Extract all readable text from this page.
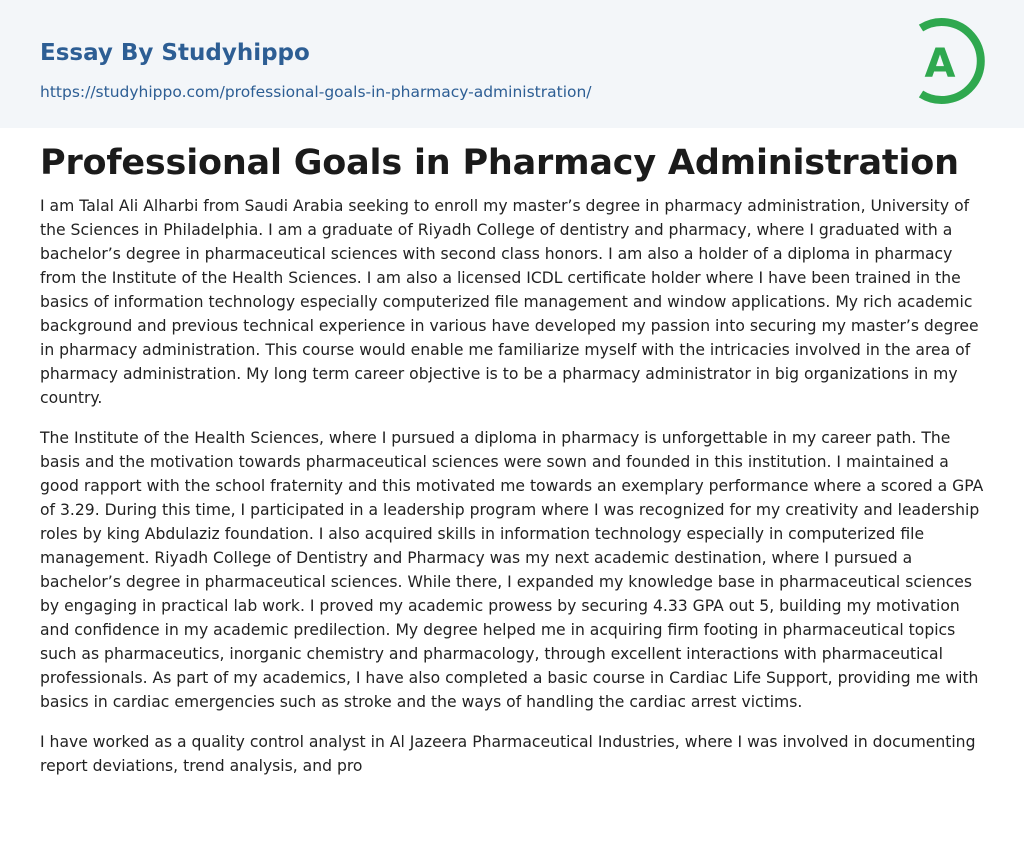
Essay By Studyhippo
https://studyhippo.com/professional-goals-in-pharmacy-administration/
A
Professional Goals in Pharmacy Administration

I am Talal Ali Alharbi from Saudi Arabia seeking to enroll my master’s degree in pharmacy administration, University of the Sciences in Philadelphia. I am a graduate of Riyadh College of dentistry and pharmacy, where I graduated with a bachelor’s degree in pharmaceutical sciences with second class honors. I am also a holder of a diploma in pharmacy from the Institute of the Health Sciences. I am also a licensed ICDL certificate holder where I have been trained in the basics of information technology especially computerized file management and window applications. My rich academic background and previous technical experience in various have developed my passion into securing my master’s degree in pharmacy administration. This course would enable me familiarize myself with the intricacies involved in the area of pharmacy administration. My long term career objective is to be a pharmacy administrator in big organizations in my country.

The Institute of the Health Sciences, where I pursued a diploma in pharmacy is unforgettable in my career path. The basis and the motivation towards pharmaceutical sciences were sown and founded in this institution. I maintained a good rapport with the school fraternity and this motivated me towards an exemplary performance where a scored a GPA of 3.29. During this time, I participated in a leadership program where I was recognized for my creativity and leadership roles by king Abdulaziz foundation. I also acquired skills in information technology especially in computerized file management. Riyadh College of Dentistry and Pharmacy was my next academic destination, where I pursued a bachelor’s degree in pharmaceutical sciences. While there, I expanded my knowledge base in pharmaceutical sciences by engaging in practical lab work. I proved my academic prowess by securing 4.33 GPA out 5, building my motivation and confidence in my academic predilection. My degree helped me in acquiring firm footing in pharmaceutical topics such as pharmaceutics, inorganic chemistry and pharmacology, through excellent interactions with pharmaceutical professionals. As part of my academics, I have also completed a basic course in Cardiac Life Support, providing me with basics in cardiac emergencies such as stroke and the ways of handling the cardiac arrest victims.

I have worked as a quality control analyst in Al Jazeera Pharmaceutical Industries, where I was involved in documenting report deviations, trend analysis, and pro
